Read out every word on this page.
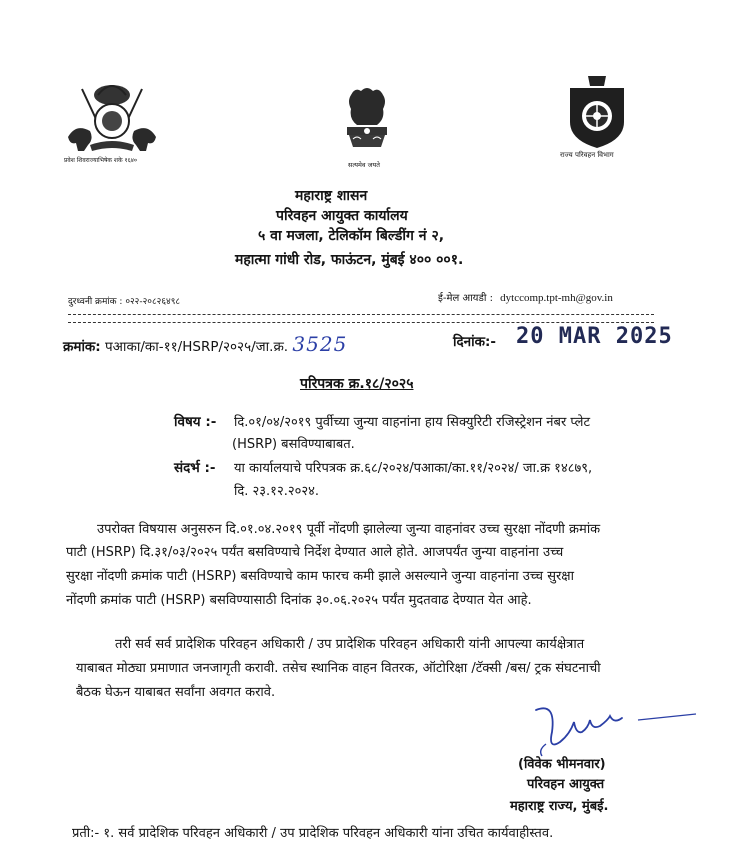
प्रवेश शिवराज्याभिषेक शके १६४०
सत्यमेव जयते
राज्य परिवहन विभाग
महाराष्ट्र शासन
परिवहन आयुक्त कार्यालय
५ वा मजला, टेलिकॉम बिल्डींग नं २,
महात्मा गांधी रोड, फाऊंटन, मुंबई ४०० ००१.
दुरध्वनी क्रमांक : ०२२-२०८२६४९८	ई-मेल आयडी : dytccomp.tpt-mh@gov.in
क्रमांक: पआका/का-११/HSRP/२०२५/जा.क्र. 3525	दिनांक:- 20 MAR 2025
परिपत्रक क्र.१८/२०२५
विषय :- दि.०१/०४/२०१९ पुर्वीच्या जुन्या वाहनांना हाय सिक्युरिटी रजिस्ट्रेशन नंबर प्लेट
(HSRP) बसविण्याबाबत.
संदर्भ :- या कार्यालयाचे परिपत्रक क्र.६८/२०२४/पआका/का.११/२०२४/ जा.क्र १४८७९,
दि. २३.१२.२०२४.
उपरोक्त विषयास अनुसरुन दि.०१.०४.२०१९ पूर्वी नोंदणी झालेल्या जुन्या वाहनांवर उच्च सुरक्षा नोंदणी क्रमांक
पाटी (HSRP) दि.३१/०३/२०२५ पर्यंत बसविण्याचे निर्देश देण्यात आले होते. आजपर्यंत जुन्या वाहनांना उच्च
सुरक्षा नोंदणी क्रमांक पाटी (HSRP) बसविण्याचे काम फारच कमी झाले असल्याने जुन्या वाहनांना उच्च सुरक्षा
नोंदणी क्रमांक पाटी (HSRP) बसविण्यासाठी दिनांक ३०.०६.२०२५ पर्यंत मुदतवाढ देण्यात येत आहे.
तरी सर्व सर्व प्रादेशिक परिवहन अधिकारी / उप प्रादेशिक परिवहन अधिकारी यांनी आपल्या कार्यक्षेत्रात
याबाबत मोठ्या प्रमाणात जनजागृती करावी. तसेच स्थानिक वाहन वितरक, ऑटोरिक्षा /टॅक्सी /बस/ ट्रक संघटनाची
बैठक घेऊन याबाबत सर्वांना अवगत करावे.
(विवेक भीमनवार)
परिवहन आयुक्त
महाराष्ट्र राज्य, मुंबई.
प्रती:- १. सर्व प्रादेशिक परिवहन अधिकारी / उप प्रादेशिक परिवहन अधिकारी यांना उचित कार्यवाहीस्तव.
